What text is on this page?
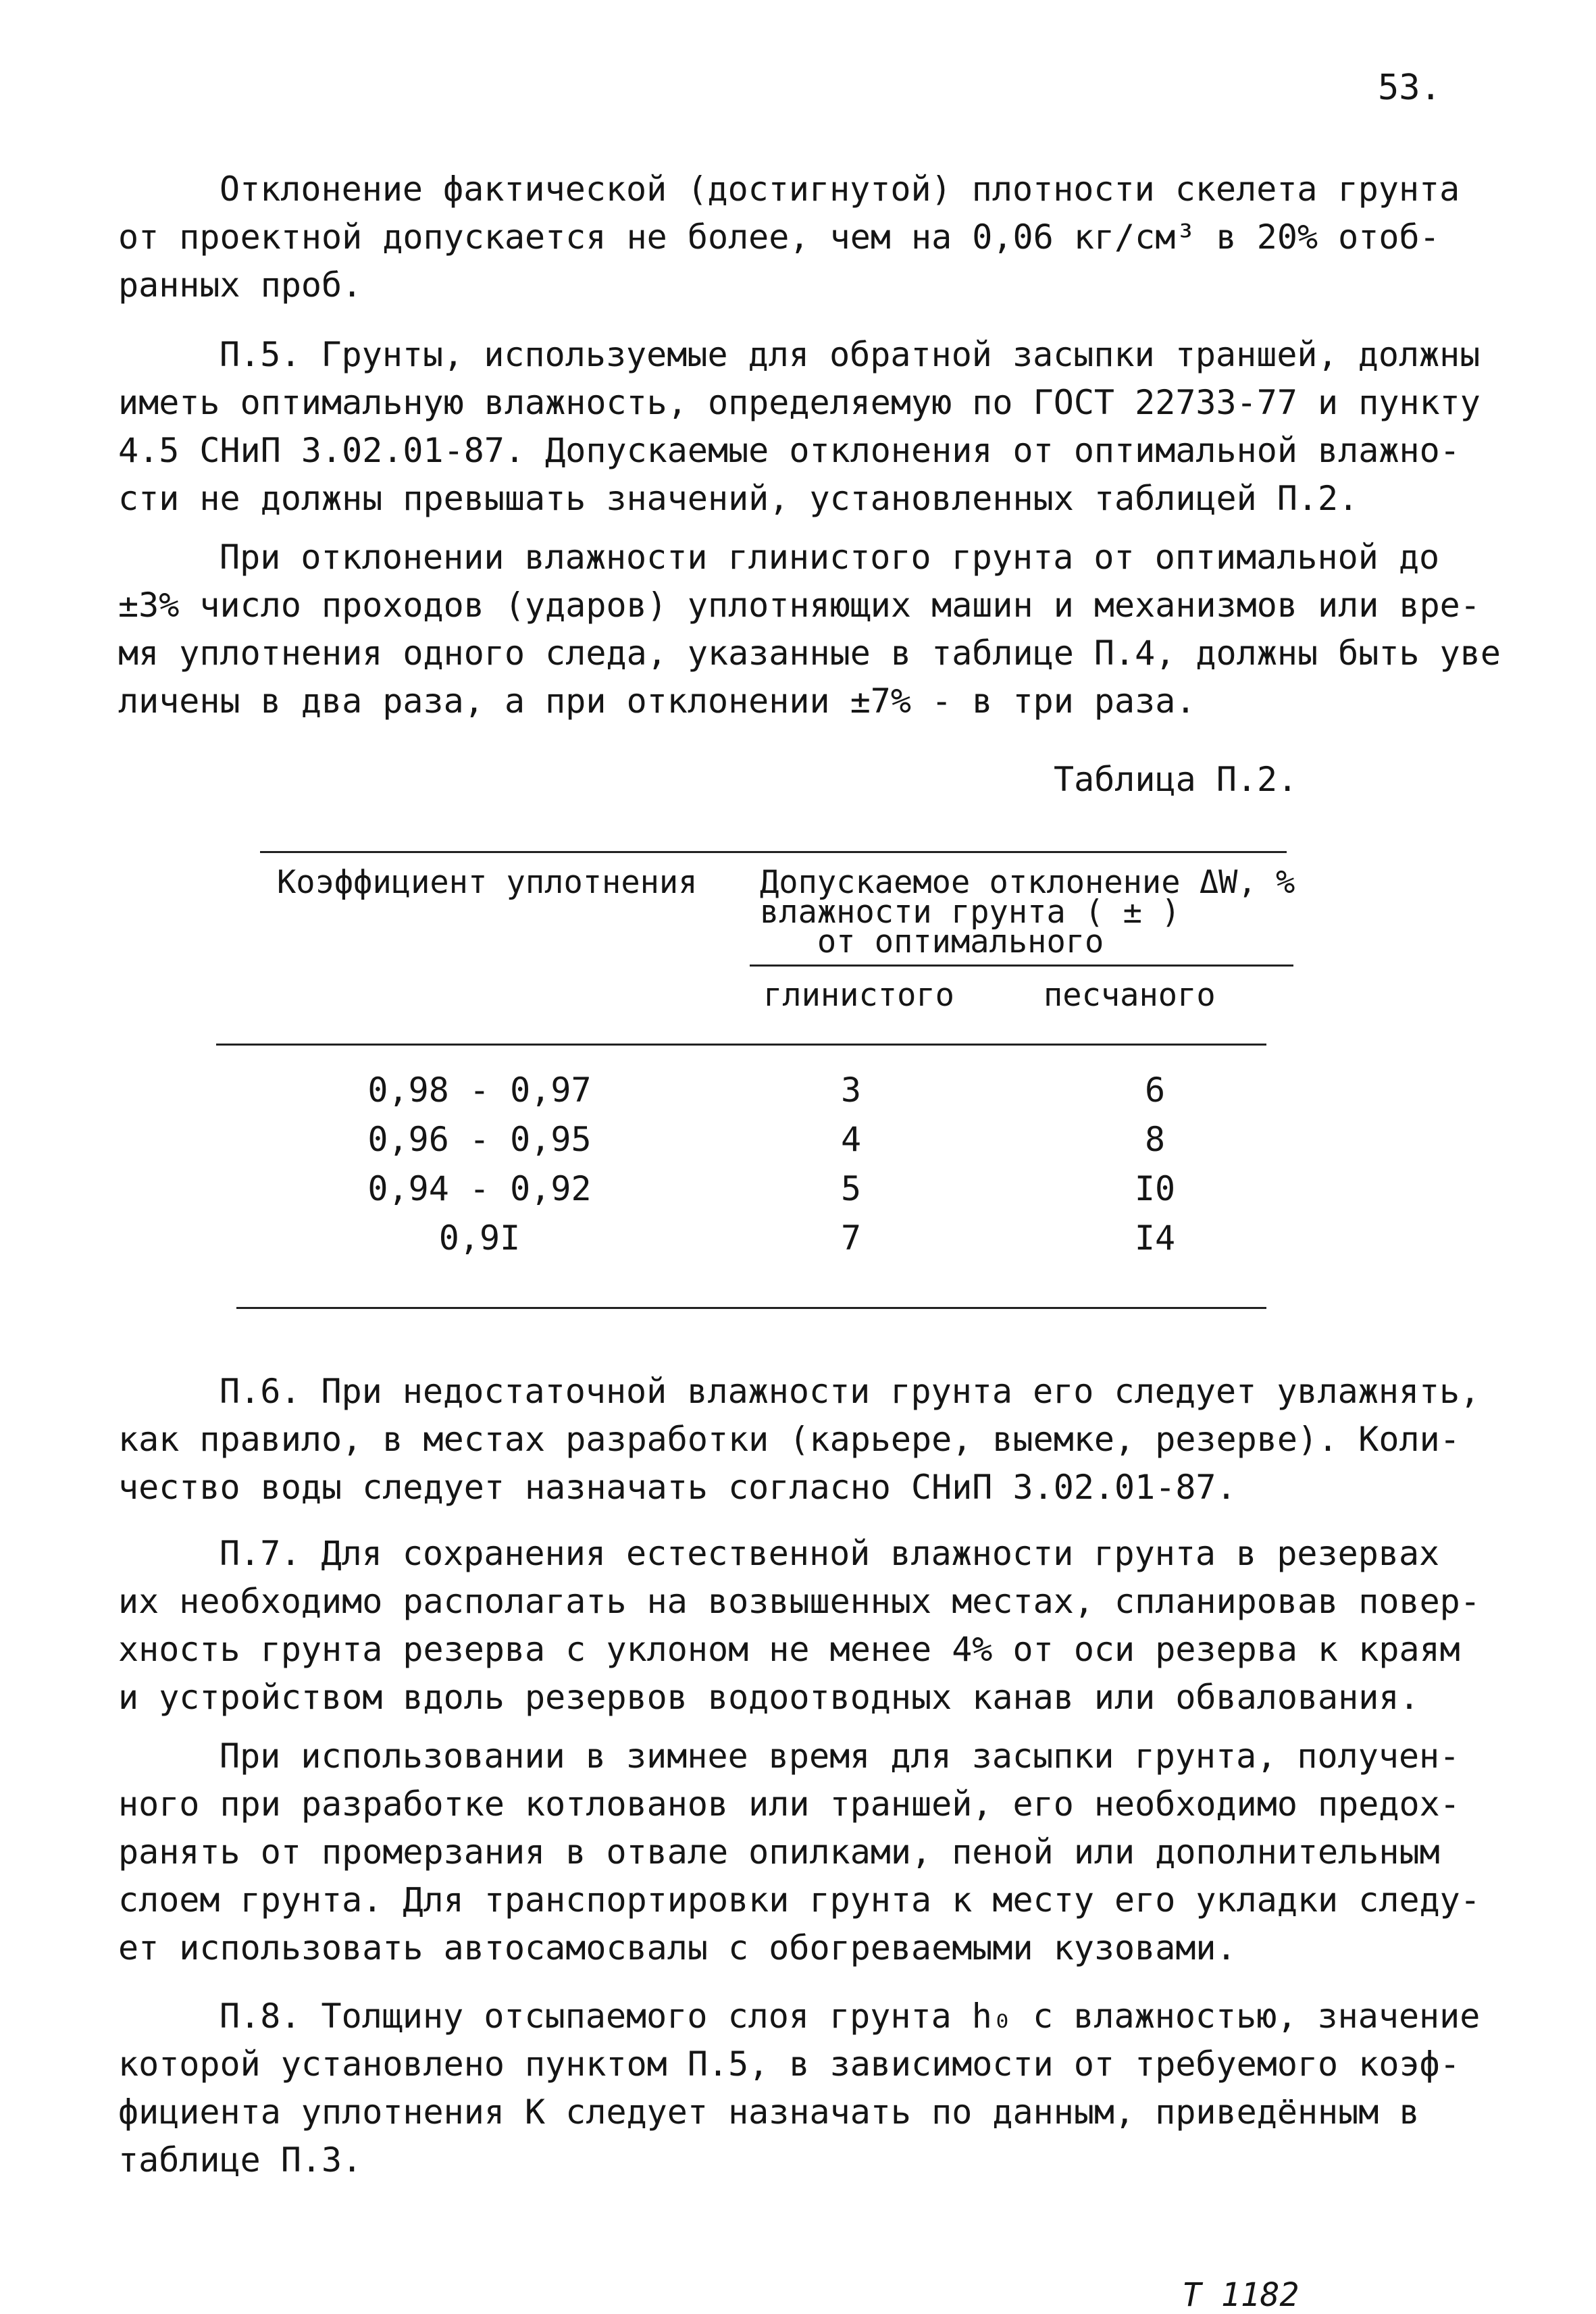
53.

Отклонение фактической (достигнутой) плотности скелета грунта
от проектной допускается не более, чем на 0,06 кг/см³ в 20% отоб-
ранных проб.

П.5. Грунты, используемые для обратной засыпки траншей, должны
иметь оптимальную влажность, определяемую по ГОСТ 22733-77 и пункту
4.5 СНиП 3.02.01-87. Допускаемые отклонения от оптимальной влажно-
сти не должны превышать значений, установленных таблицей П.2.

При отклонении влажности глинистого грунта от оптимальной до
±3% число проходов (ударов) уплотняющих машин и механизмов или вре-
мя уплотнения одного следа, указанные в таблице П.4, должны быть уве
личены в два раза, а при отклонении ±7% - в три раза.

Таблица П.2.
Коэффициент уплотнения Допускаемое отклонение ΔW, %
влажности грунта ( ± )
от оптимального
глинистого	песчаного
0,98 - 0,97	3	6
0,96 - 0,95	4	8
0,94 - 0,92	5	I0
0,9I	7	I4

П.6. При недостаточной влажности грунта его следует увлажнять,
как правило, в местах разработки (карьере, выемке, резерве). Коли-
чество воды следует назначать согласно СНиП 3.02.01-87.

П.7. Для сохранения естественной влажности грунта в резервах
их необходимо располагать на возвышенных местах, спланировав повер-
хность грунта резерва с уклоном не менее 4% от оси резерва к краям
и устройством вдоль резервов водоотводных канав или обвалования.

При использовании в зимнее время для засыпки грунта, получен-
ного при разработке котлованов или траншей, его необходимо предох-
ранять от промерзания в отвале опилками, пеной или дополнительным
слоем грунта. Для транспортировки грунта к месту его укладки следу-
ет использовать автосамосвалы с обогреваемыми кузовами.

П.8. Толщину отсыпаемого слоя грунта h₀ с влажностью, значение
которой установлено пунктом П.5, в зависимости от требуемого коэф-
фициента уплотнения К следует назначать по данным, приведённым в
таблице П.3.

Т 1182
